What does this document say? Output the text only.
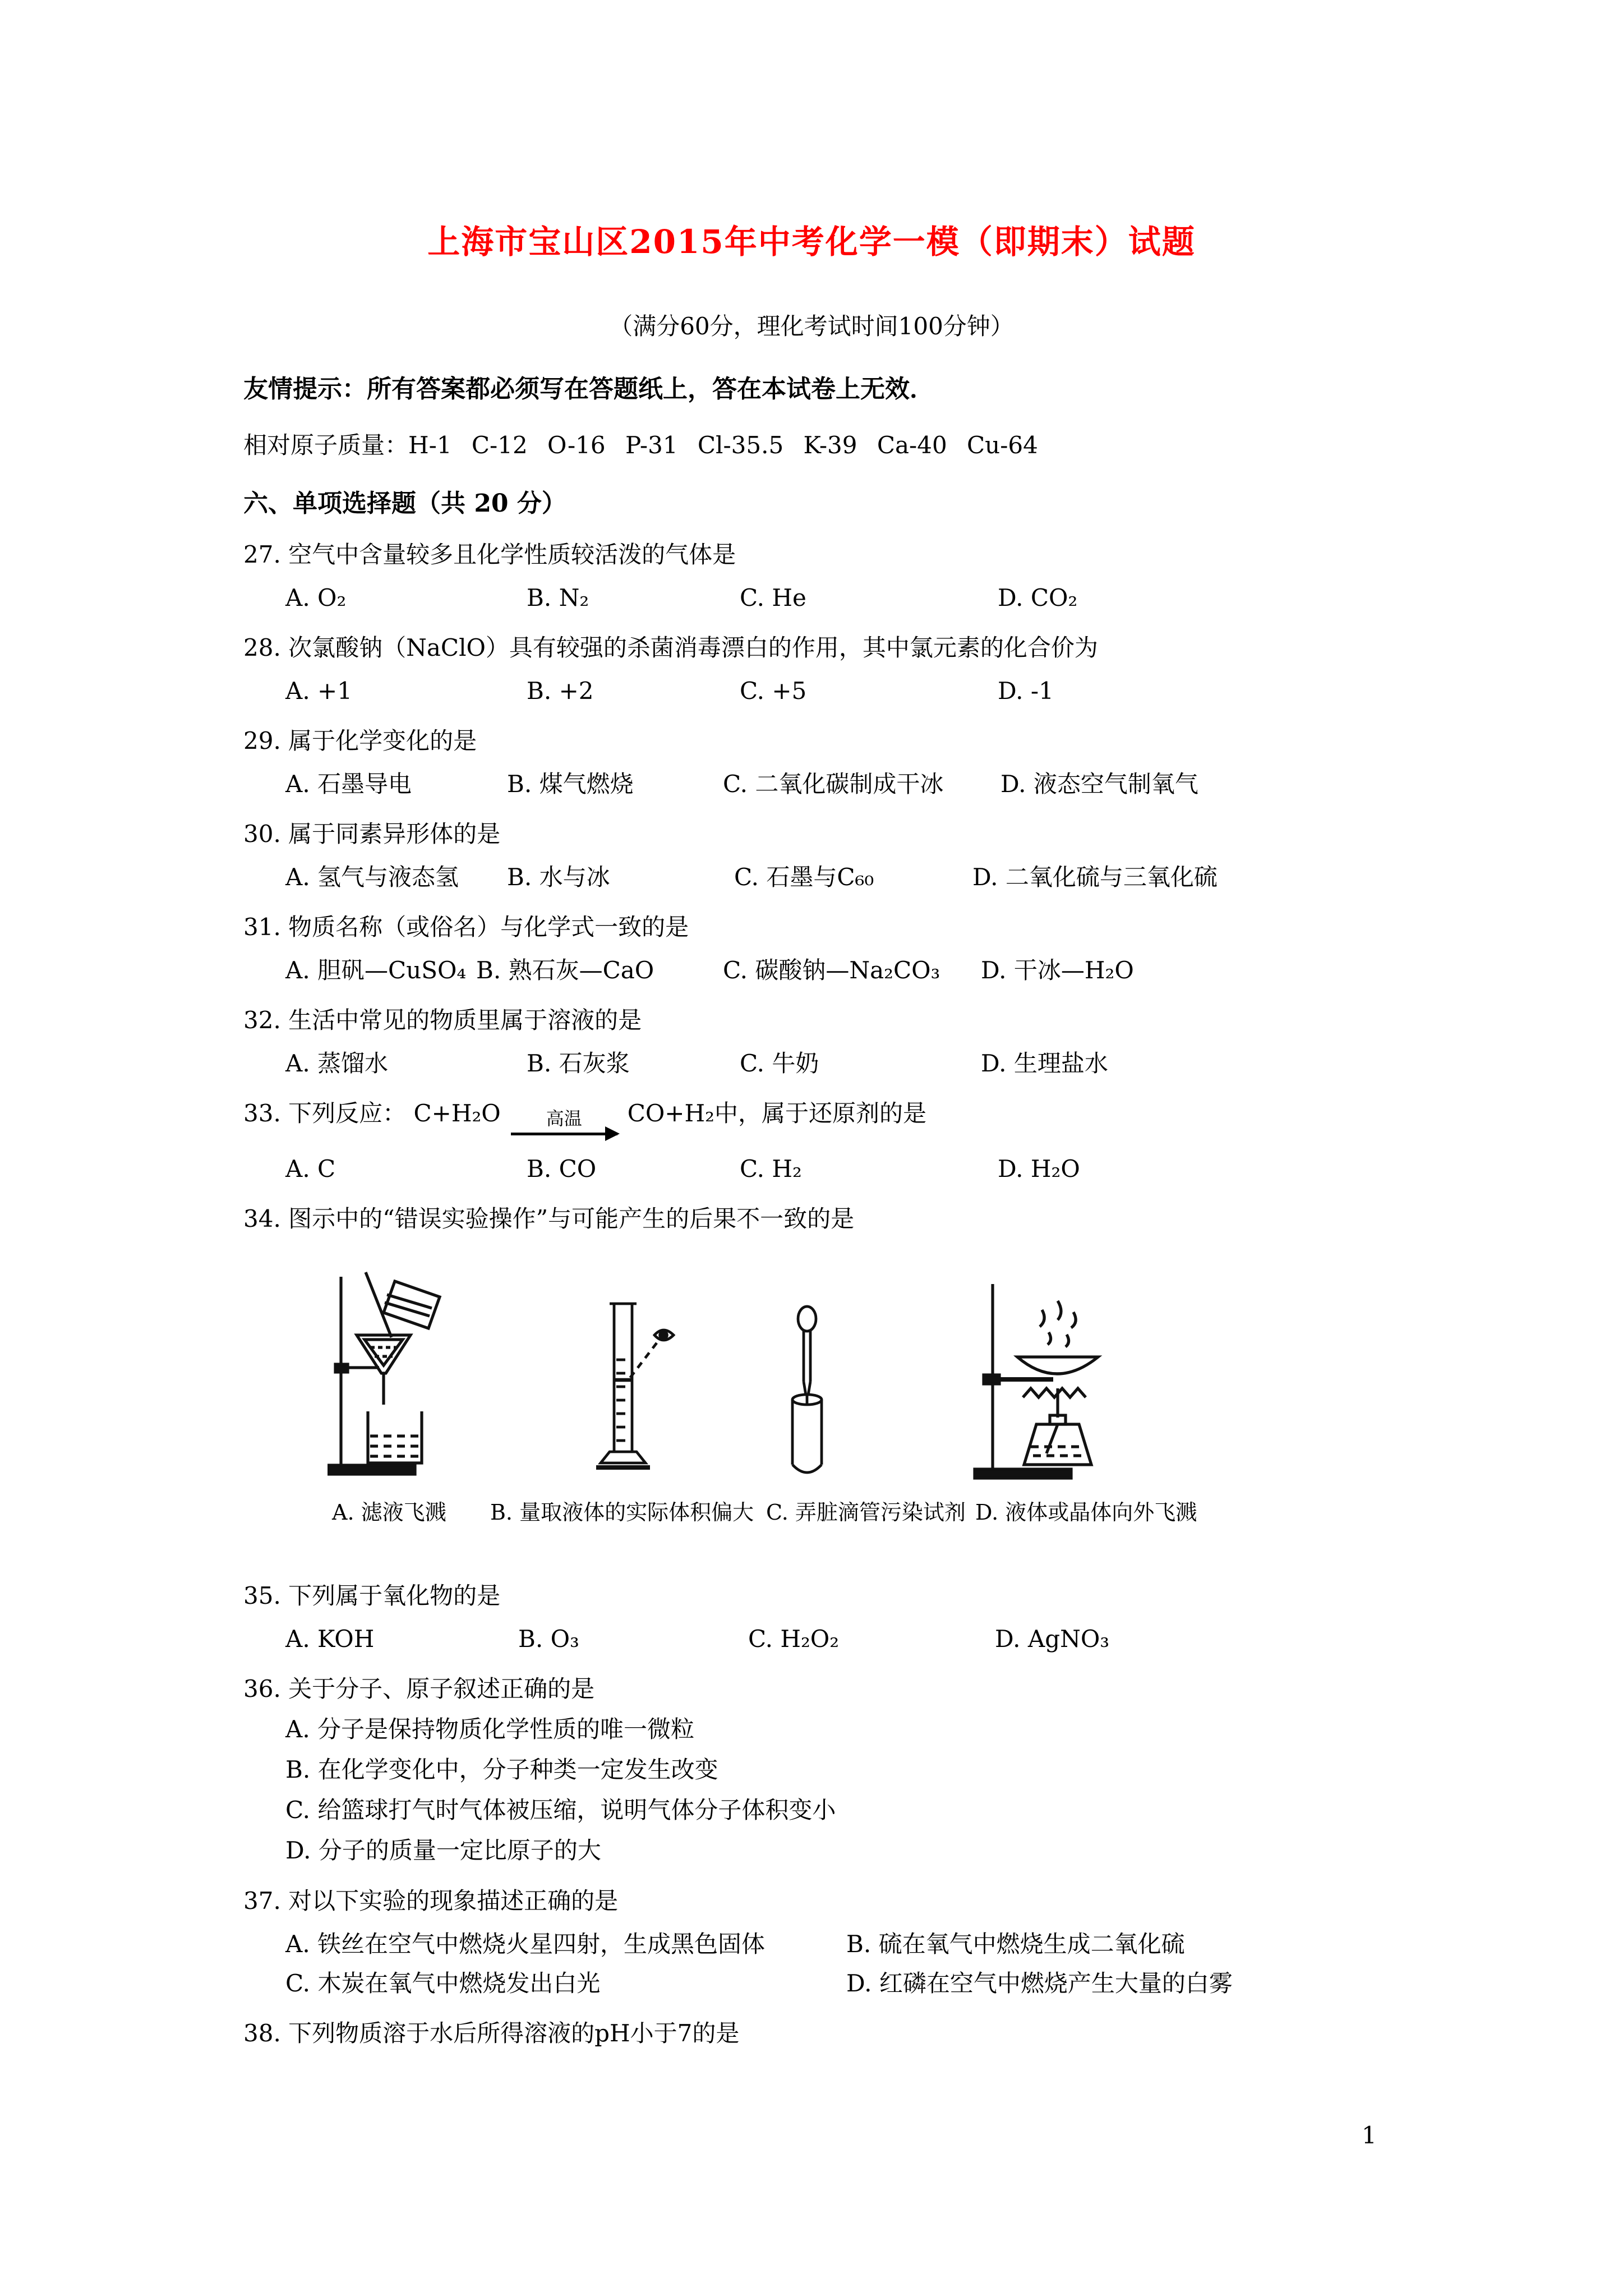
上海市宝山区2015年中考化学一模（即期末）试题
（满分60分，理化考试时间100分钟）
友情提示：所有答案都必须写在答题纸上，答在本试卷上无效．
相对原子质量：H-1 C-12 O-16 P-31 Cl-35.5 K-39 Ca-40 Cu-64
六、单项选择题（共 20 分）
27. 空气中含量较多且化学性质较活泼的气体是
A. O₂	B. N₂	C. He	D. CO₂
28. 次氯酸钠（NaClO）具有较强的杀菌消毒漂白的作用，其中氯元素的化合价为
A. +1	B. +2	C. +5	D. -1
29. 属于化学变化的是
A. 石墨导电	B. 煤气燃烧	C. 二氧化碳制成干冰	D. 液态空气制氧气
30. 属于同素异形体的是
A. 氢气与液态氢	B. 水与冰	C. 石墨与C₆₀	D. 二氧化硫与三氧化硫
31. 物质名称（或俗名）与化学式一致的是
A. 胆矾—CuSO₄ B. 熟石灰—CaO	C. 碳酸钠—Na₂CO₃	D. 干冰—H₂O
32. 生活中常见的物质里属于溶液的是
A. 蒸馏水	B. 石灰浆	C. 牛奶	D. 生理盐水
33. 下列反应： C+H₂O	高温 CO+H₂中，属于还原剂的是
A. C	B. CO	C. H₂	D. H₂O
34. 图示中的“错误实验操作”与可能产生的后果不一致的是
A. 滤液飞溅 B. 量取液体的实际体积偏大 C. 弄脏滴管污染试剂 D. 液体或晶体向外飞溅
35. 下列属于氧化物的是
A. KOH	B. O₃	C. H₂O₂	D. AgNO₃
36. 关于分子、原子叙述正确的是
A. 分子是保持物质化学性质的唯一微粒
B. 在化学变化中，分子种类一定发生改变
C. 给篮球打气时气体被压缩，说明气体分子体积变小
D. 分子的质量一定比原子的大
37. 对以下实验的现象描述正确的是
A. 铁丝在空气中燃烧火星四射，生成黑色固体	B. 硫在氧气中燃烧生成二氧化硫
C. 木炭在氧气中燃烧发出白光	D. 红磷在空气中燃烧产生大量的白雾
38. 下列物质溶于水后所得溶液的pH小于7的是
1
